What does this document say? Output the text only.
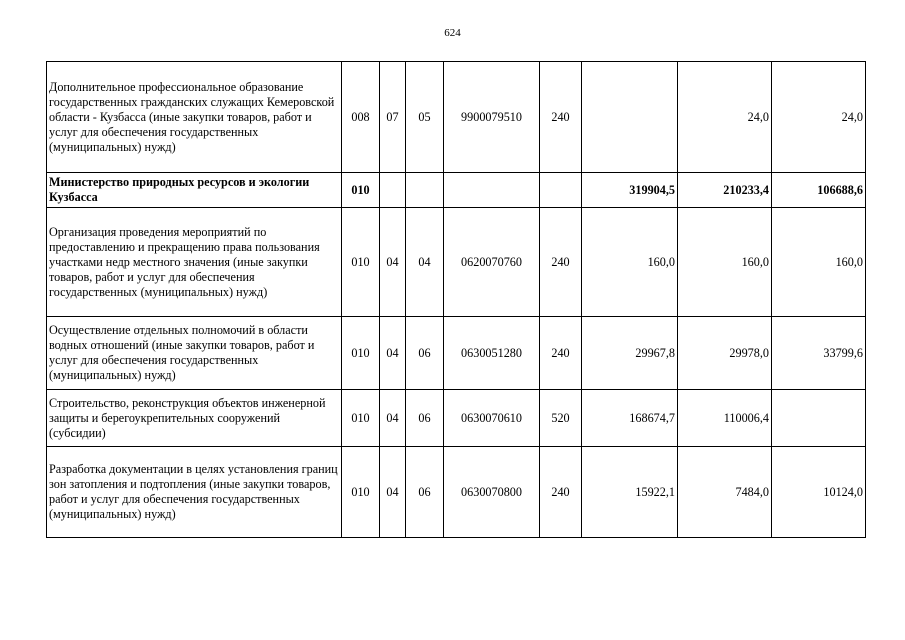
624
Дополнительное профессиональное образование государственных гражданских служащих Кемеровской области - Кузбасса (иные закупки товаров, работ и услуг для обеспечения государственных (муниципальных) нужд)	008	07	05	9900079510	240		24,0	24,0
Министерство природных ресурсов и экологии Кузбасса	010					319904,5	210233,4	106688,6
Организация проведения мероприятий по предоставлению и прекращению права пользования участками недр местного значения (иные закупки товаров, работ и услуг для обеспечения государственных (муниципальных) нужд)	010	04	04	0620070760	240	160,0	160,0	160,0
Осуществление отдельных полномочий в области водных отношений (иные закупки товаров, работ и услуг для обеспечения государственных (муниципальных) нужд)	010	04	06	0630051280	240	29967,8	29978,0	33799,6
Строительство, реконструкция объектов инженерной защиты и берегоукрепительных сооружений (субсидии)	010	04	06	0630070610	520	168674,7	110006,4	
Разработка документации в целях установления границ зон затопления и подтопления (иные закупки товаров, работ и услуг для обеспечения государственных (муниципальных) нужд)	010	04	06	0630070800	240	15922,1	7484,0	10124,0
